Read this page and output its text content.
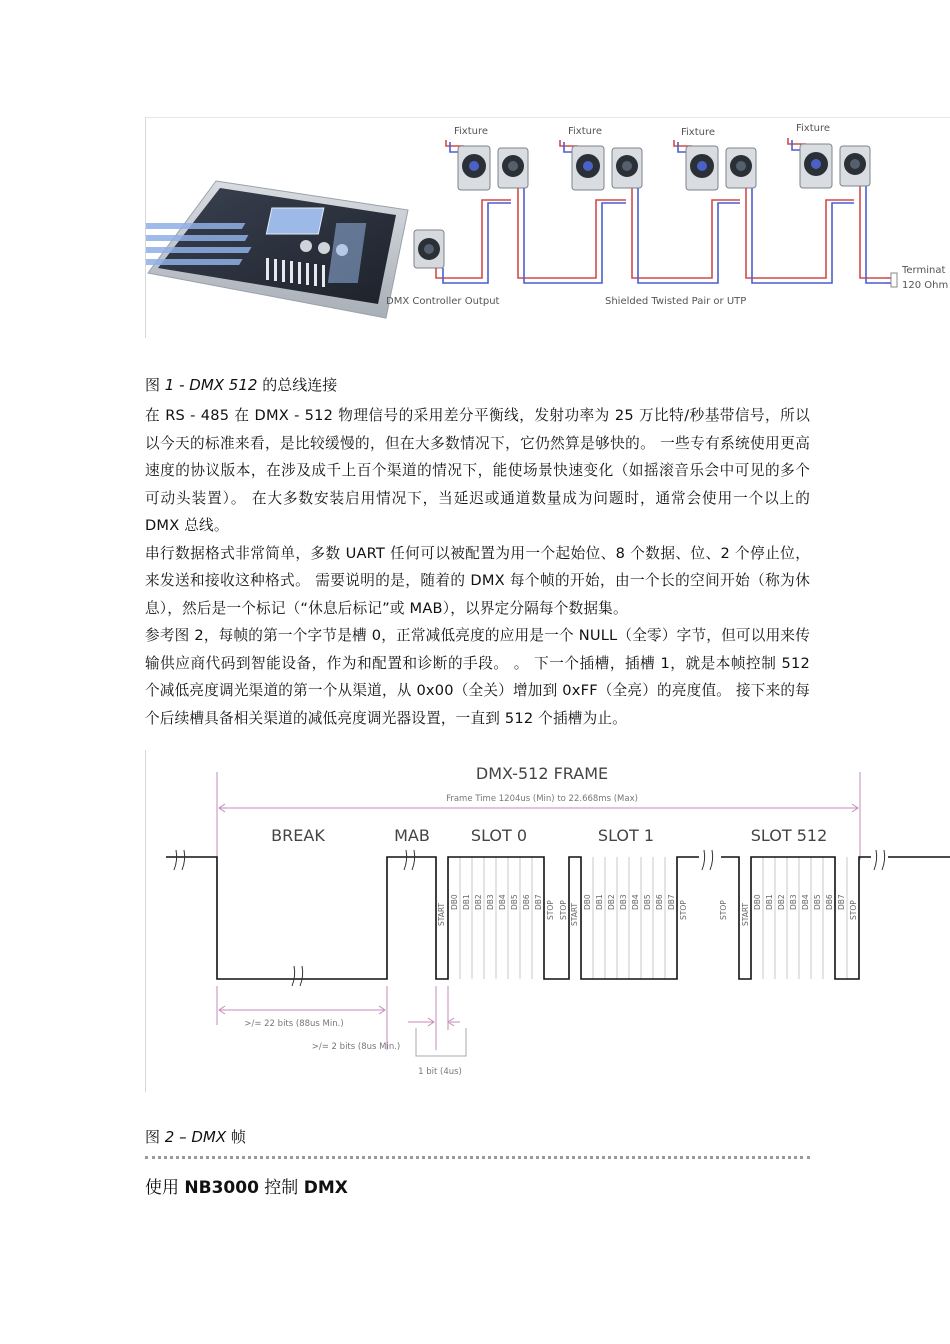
Fixture	Fixture	Fixture	Fixture
DMX Controller Output	Shielded Twisted Pair or UTP
Terminat
120 Ohm
图 1 - DMX 512 的总线连接

在 RS - 485 在 DMX - 512 物理信号的采用差分平衡线，发射功率为 25 万比特/秒基带信号，所以以今天的标准来看，是比较缓慢的，但在大多数情况下，它仍然算是够快的。 一些专有系统使用更高速度的协议版本，在涉及成千上百个渠道的情况下，能使场景快速变化（如摇滚音乐会中可见的多个可动头装置）。 在大多数安装启用情况下，当延迟或通道数量成为问题时，通常会使用一个以上的 DMX 总线。

串行数据格式非常简单，多数 UART 任何可以被配置为用一个起始位、8 个数据、位、2 个停止位，来发送和接收这种格式。 需要说明的是，随着的 DMX 每个帧的开始，由一个长的空间开始（称为休息），然后是一个标记（“休息后标记”或 MAB），以界定分隔每个数据集。

参考图 2，每帧的第一个字节是槽 0，正常减低亮度的应用是一个 NULL（全零）字节，但可以用来传输供应商代码到智能设备，作为和配置和诊断的手段。 。 下一个插槽，插槽 1，就是本帧控制 512 个减低亮度调光渠道的第一个从渠道，从 0x00（全关）增加到 0xFF（全亮）的亮度值。 接下来的每个后续槽具备相关渠道的减低亮度调光器设置，一直到 512 个插槽为止。

DMX-512 FRAME
Frame Time 1204us (Min) to 22.668ms (Max)
BREAK	MAB	SLOT 0	SLOT 1	SLOT 512
START
DB0 DB1 DB2 DB3 DB4 DB5 DB6 DB7 STOP STOP START
DB0 DB1 DB2 DB3 DB4 DB5 DB6 DB7 STOP	STOP START
DB0 DB1 DB2 DB3 DB4 DB5 DB6 DB7 STOP
>/= 22 bits (88us Min.)
>/= 2 bits (8us Min.)
1 bit (4us)
图 2 – DMX 帧
使用 NB3000 控制 DMX
